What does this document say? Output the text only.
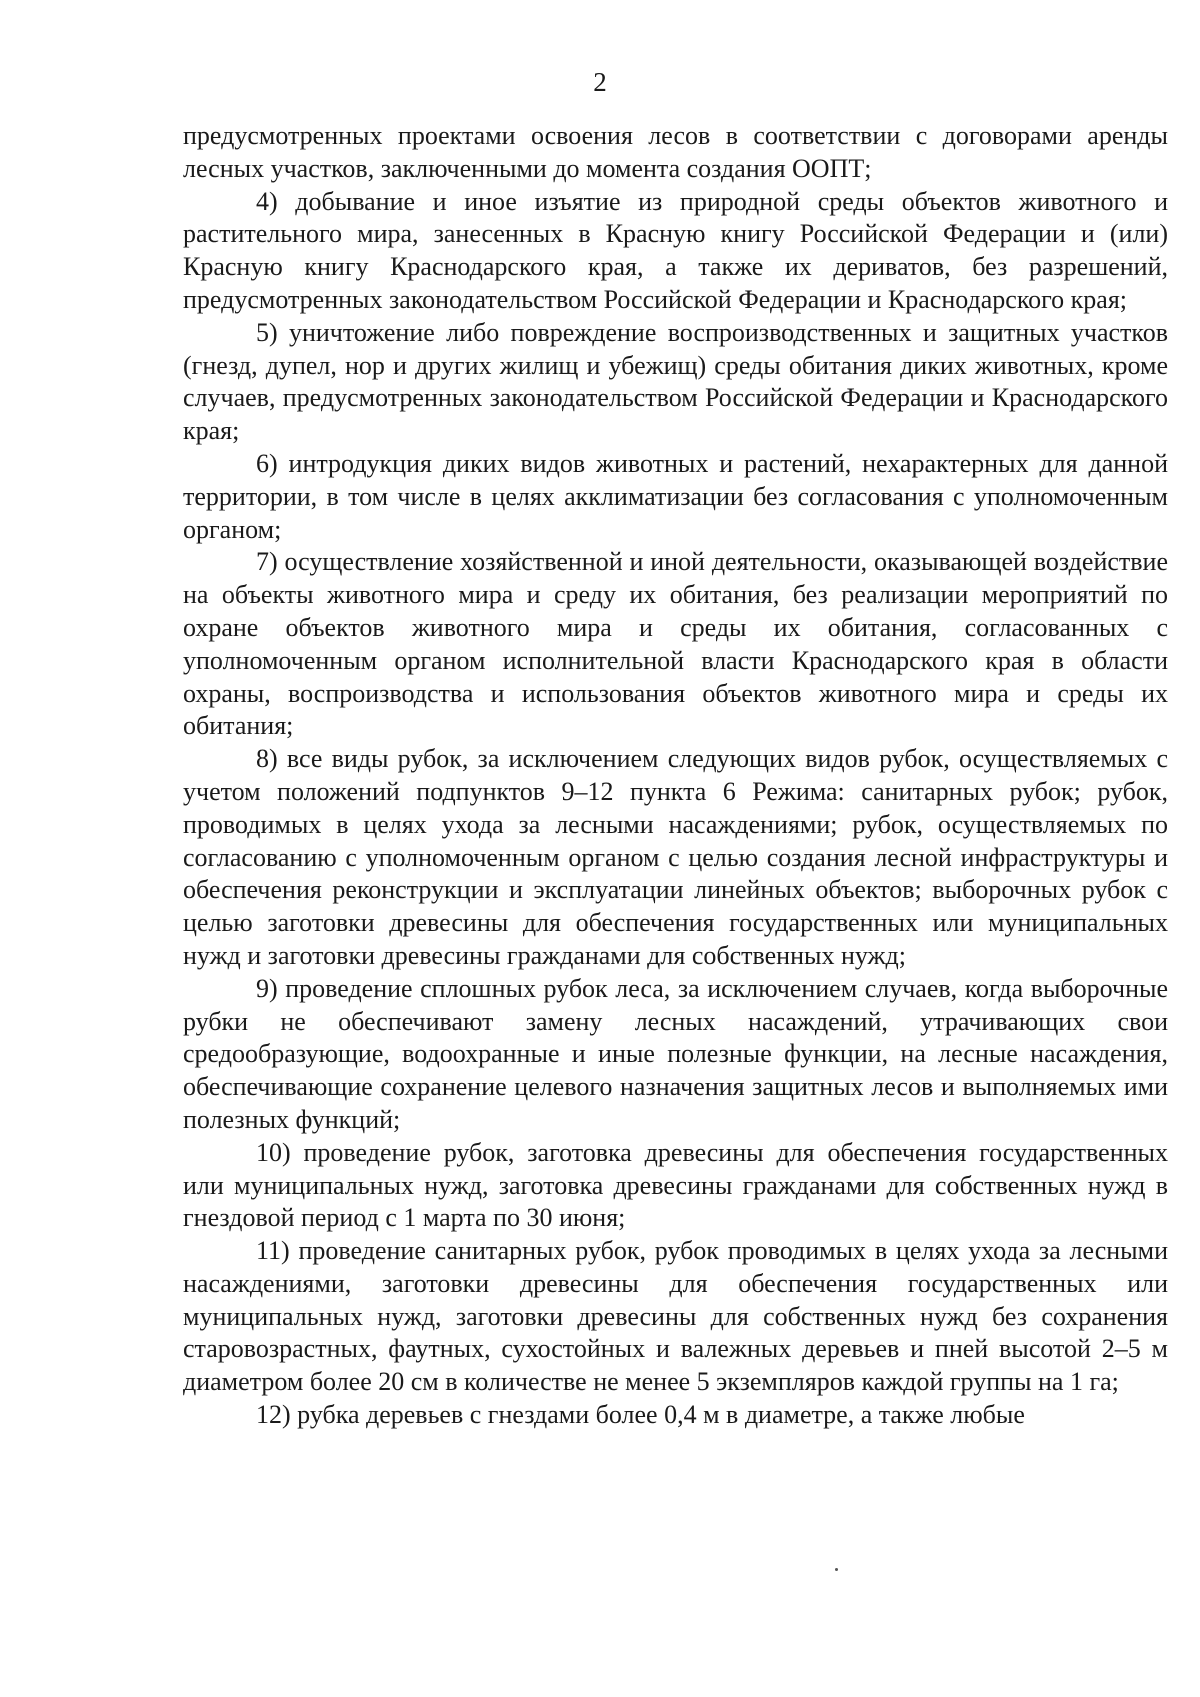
2

предусмотренных проектами освоения лесов в соответствии с договорами аренды лесных участков, заключенными до момента создания ООПТ;

4) добывание и иное изъятие из природной среды объектов животного и растительного мира, занесенных в Красную книгу Российской Федерации и (или) Красную книгу Краснодарского края, а также их дериватов, без разрешений, предусмотренных законодательством Российской Федерации и Краснодарского края;

5) уничтожение либо повреждение воспроизводственных и защитных участков (гнезд, дупел, нор и других жилищ и убежищ) среды обитания диких животных, кроме случаев, предусмотренных законодательством Российской Федерации и Краснодарского края;

6) интродукция диких видов животных и растений, нехарактерных для данной территории, в том числе в целях акклиматизации без согласования с уполномоченным органом;

7) осуществление хозяйственной и иной деятельности, оказывающей воздействие на объекты животного мира и среду их обитания, без реализации мероприятий по охране объектов животного мира и среды их обитания, согласованных с уполномоченным органом исполнительной власти Краснодарского края в области охраны, воспроизводства и использования объектов животного мира и среды их обитания;

8) все виды рубок, за исключением следующих видов рубок, осуществляемых с учетом положений подпунктов 9–12 пункта 6 Режима: санитарных рубок; рубок, проводимых в целях ухода за лесными насаждениями; рубок, осуществляемых по согласованию с уполномоченным органом с целью создания лесной инфраструктуры и обеспечения реконструкции и эксплуатации линейных объектов; выборочных рубок с целью заготовки древесины для обеспечения государственных или муниципальных нужд и заготовки древесины гражданами для собственных нужд;

9) проведение сплошных рубок леса, за исключением случаев, когда выборочные рубки не обеспечивают замену лесных насаждений, утрачивающих свои средообразующие, водоохранные и иные полезные функции, на лесные насаждения, обеспечивающие сохранение целевого назначения защитных лесов и выполняемых ими полезных функций;

10) проведение рубок, заготовка древесины для обеспечения государственных или муниципальных нужд, заготовка древесины гражданами для собственных нужд в гнездовой период с 1 марта по 30 июня;

11) проведение санитарных рубок, рубок проводимых в целях ухода за лесными насаждениями, заготовки древесины для обеспечения государственных или муниципальных нужд, заготовки древесины для собственных нужд без сохранения старовозрастных, фаутных, сухостойных и валежных деревьев и пней высотой 2–5 м диаметром более 20 см в количестве не менее 5 экземпляров каждой группы на 1 га;

12) рубка деревьев с гнездами более 0,4 м в диаметре, а также любые
